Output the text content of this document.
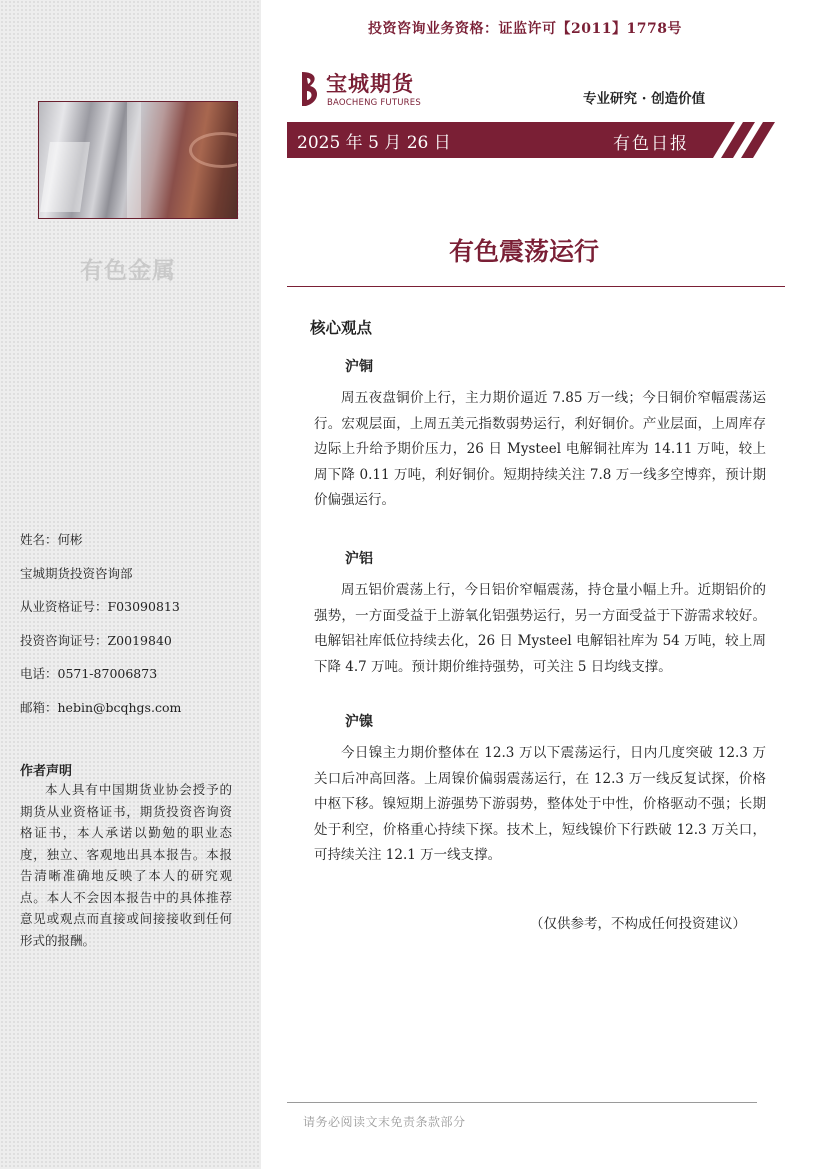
有色金属
姓名：何彬
宝城期货投资咨询部
从业资格证号：F03090813
投资咨询证号：Z0019840
电话：0571-87006873
邮箱：hebin@bcqhgs.com
作者声明
本人具有中国期货业协会授予的期货从业资格证书，期货投资咨询资格证书，本人承诺以勤勉的职业态度，独立、客观地出具本报告。本报告清晰准确地反映了本人的研究观点。本人不会因本报告中的具体推荐意见或观点而直接或间接接收到任何形式的报酬。
投资咨询业务资格：证监许可【2011】1778号
宝城期货
BAOCHENG FUTURES	专业研究 · 创造价值
2025 年 5 月 26 日	有色日报
有色震荡运行
核心观点
沪铜
周五夜盘铜价上行，主力期价逼近 7.85 万一线；今日铜价窄幅震荡运行。宏观层面，上周五美元指数弱势运行，利好铜价。产业层面，上周库存边际上升给予期价压力，26 日 Mysteel 电解铜社库为 14.11 万吨，较上周下降 0.11 万吨，利好铜价。短期持续关注 7.8 万一线多空博弈，预计期价偏强运行。
沪铝
周五铝价震荡上行，今日铝价窄幅震荡，持仓量小幅上升。近期铝价的强势，一方面受益于上游氧化铝强势运行，另一方面受益于下游需求较好。电解铝社库低位持续去化，26 日 Mysteel 电解铝社库为 54 万吨，较上周下降 4.7 万吨。预计期价维持强势，可关注 5 日均线支撑。
沪镍
今日镍主力期价整体在 12.3 万以下震荡运行，日内几度突破 12.3 万关口后冲高回落。上周镍价偏弱震荡运行，在 12.3 万一线反复试探，价格中枢下移。镍短期上游强势下游弱势，整体处于中性，价格驱动不强；长期处于利空，价格重心持续下探。技术上，短线镍价下行跌破 12.3 万关口，可持续关注 12.1 万一线支撑。
（仅供参考，不构成任何投资建议）
请务必阅读文末免责条款部分
